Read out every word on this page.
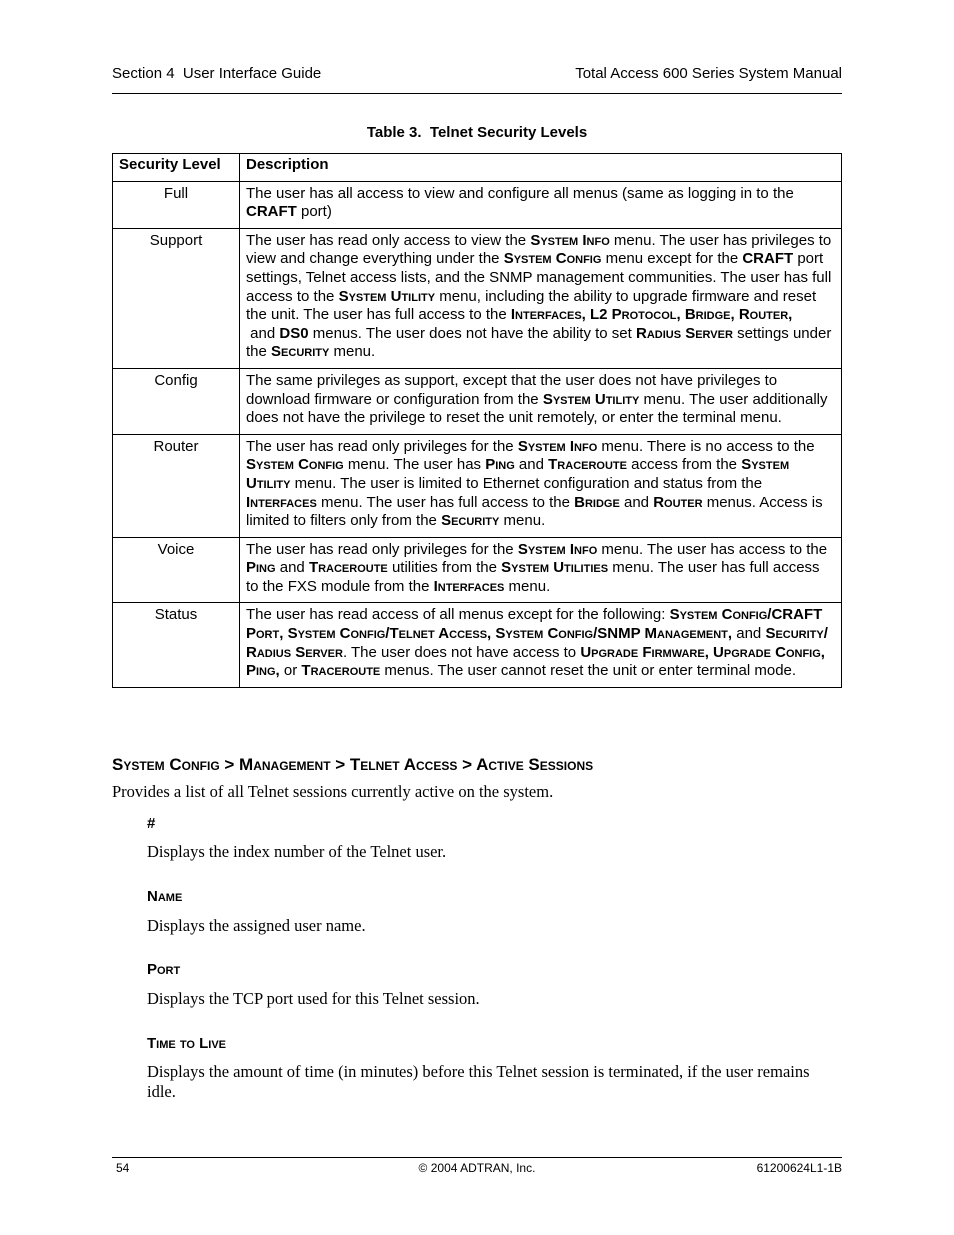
Section 4  User Interface Guide	Total Access 600 Series System Manual
Table 3.  Telnet Security Levels
Security Level	Description
Full	The user has all access to view and configure all menus (same as logging in to the CRAFT port)
Support	The user has read only access to view the System Info menu. The user has privileges to view and change everything under the System Config menu except for the CRAFT port settings, Telnet access lists, and the SNMP management communities. The user has full access to the System Utility menu, including the ability to upgrade firmware and reset the unit. The user has full access to the Interfaces, L2 Protocol, Bridge, Router, and DS0 menus. The user does not have the ability to set Radius Server settings under the Security menu.
Config	The same privileges as support, except that the user does not have privileges to download firmware or configuration from the System Utility menu. The user additionally does not have the privilege to reset the unit remotely, or enter the terminal menu.
Router	The user has read only privileges for the System Info menu. There is no access to the System Config menu. The user has Ping and Traceroute access from the System Utility menu. The user is limited to Ethernet configuration and status from the Interfaces menu. The user has full access to the Bridge and Router menus. Access is limited to filters only from the Security menu.
Voice	The user has read only privileges for the System Info menu. The user has access to the Ping and Traceroute utilities from the System Utilities menu. The user has full access to the FXS module from the Interfaces menu.
Status	The user has read access of all menus except for the following: System Config/CRAFT Port, System Config/Telnet Access, System Config/SNMP Management, and Security/ Radius Server. The user does not have access to Upgrade Firmware, Upgrade Config, Ping, or Traceroute menus. The user cannot reset the unit or enter terminal mode.
System Config > Management > Telnet Access > Active Sessions
Provides a list of all Telnet sessions currently active on the system.
#
Displays the index number of the Telnet user.
Name
Displays the assigned user name.
Port
Displays the TCP port used for this Telnet session.
Time to Live
Displays the amount of time (in minutes) before this Telnet session is terminated, if the user remains idle.
54	© 2004 ADTRAN, Inc.	61200624L1-1B
